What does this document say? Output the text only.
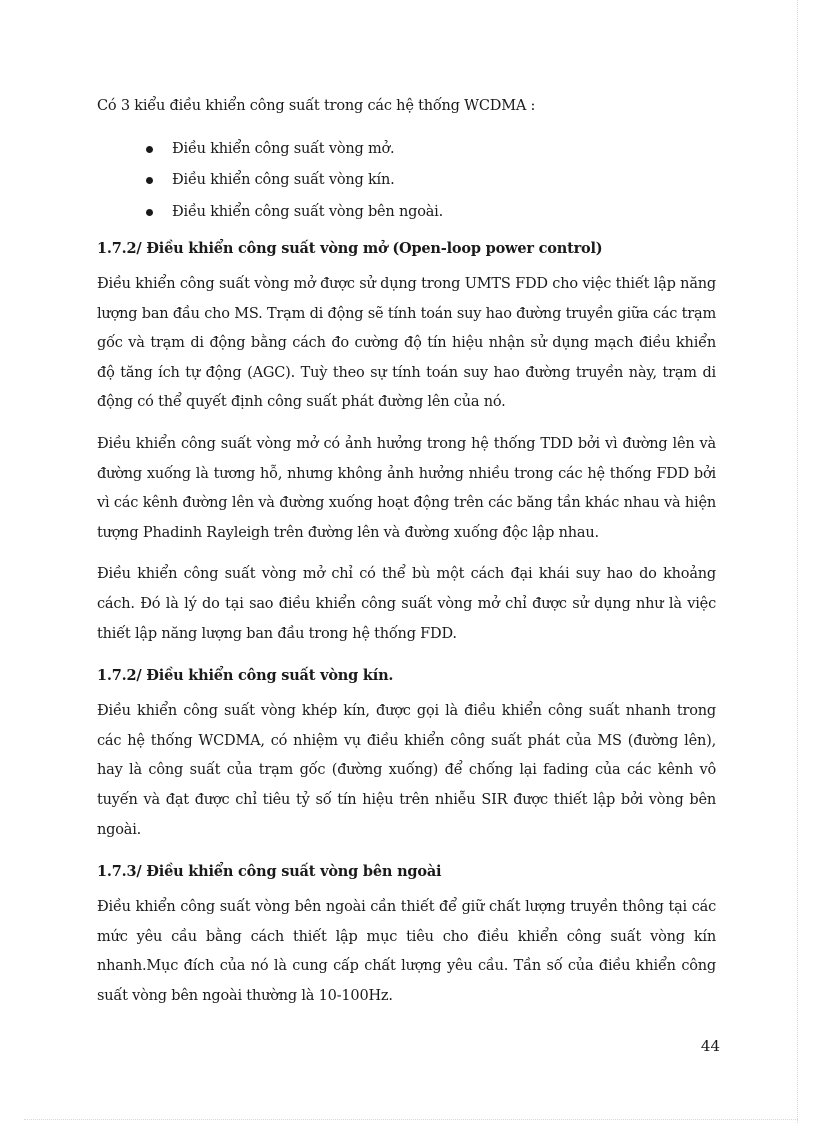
Có 3 kiểu điều khiển công suất trong các hệ thống WCDMA :

Điều khiển công suất vòng mở.
Điều khiển công suất vòng kín.
Điều khiển công suất vòng bên ngoài.
1.7.2/ Điều khiển công suất vòng mở (Open-loop power control)

Điều khiển công suất vòng mở được sử dụng trong UMTS FDD cho việc thiết lập năng lượng ban đầu cho MS. Trạm di động sẽ tính toán suy hao đường truyền giữa các trạm gốc và trạm di động bằng cách đo cường độ tín hiệu nhận sử dụng mạch điều khiển độ tăng ích tự động (AGC). Tuỳ theo sự tính toán suy hao đường truyền này, trạm di động có thể quyết định công suất phát đường lên của nó.

Điều khiển công suất vòng mở có ảnh hưởng trong hệ thống TDD bởi vì đường lên và đường xuống là tương hỗ, nhưng không ảnh hưởng nhiều trong các hệ thống FDD bởi vì các kênh đường lên và đường xuống hoạt động trên các băng tần khác nhau và hiện tượng Phadinh Rayleigh trên đường lên và đường xuống độc lập nhau.

Điều khiển công suất vòng mở chỉ có thể bù một cách đại khái suy hao do khoảng cách. Đó là lý do tại sao điều khiển công suất vòng mở chỉ được sử dụng như là việc thiết lập năng lượng ban đầu trong hệ thống FDD.

1.7.2/ Điều khiển công suất vòng kín.

Điều khiển công suất vòng khép kín, được gọi là điều khiển công suất nhanh trong các hệ thống WCDMA, có nhiệm vụ điều khiển công suất phát của MS (đường lên), hay là công suất của trạm gốc (đường xuống) để chống lại fading của các kênh vô tuyến và đạt được chỉ tiêu tỷ số tín hiệu trên nhiễu SIR được thiết lập bởi vòng bên ngoài.

1.7.3/ Điều khiển công suất vòng bên ngoài

Điều khiển công suất vòng bên ngoài cần thiết để giữ chất lượng truyền thông tại các mức yêu cầu bằng cách thiết lập mục tiêu cho điều khiển công suất vòng kín nhanh.Mục đích của nó là cung cấp chất lượng yêu cầu. Tần số của điều khiển công suất vòng bên ngoài thường là 10-100Hz.

44
